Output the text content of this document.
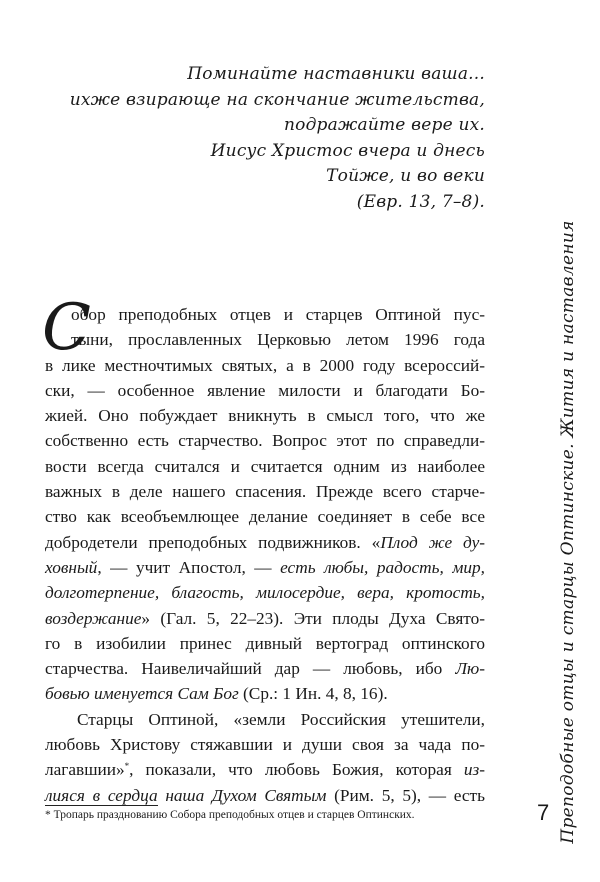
Поминайте наставники ваша...
ихже взирающе на скончание жительства,
подражайте вере их.
Иисус Христос вчера и днесь
Тойже, и во веки
(Евр. 13, 7–8).
С
обор преподобных отцев и старцев Оптиной пус-
тыни, прославленных Церковью летом 1996 года
в лике местночтимых святых, а в 2000 году всероссий-
ски, — особенное явление милости и благодати Бо-
жией. Оно побуждает вникнуть в смысл того, что же
собственно есть старчество. Вопрос этот по справедли-
вости всегда считался и считается одним из наиболее
важных в деле нашего спасения. Прежде всего старче-
ство как всеобъемлющее делание соединяет в себе все
добродетели преподобных подвижников. «Плод же ду-
ховный, — учит Апостол, — есть любы, радость, мир,
долготерпение, благость, милосердие, вера, кротость,
воздержание» (Гал. 5, 22–23). Эти плоды Духа Свято-
го в изобилии принес дивный вертоград оптинского
старчества. Наивеличайший дар — любовь, ибо Лю-
бовью именуется Сам Бог (Ср.: 1 Ин. 4, 8, 16).
Старцы Оптиной, «земли Российския утешители,
любовь Христову стяжавшии и души своя за чада по-
лагавшии»*, показали, что любовь Божия, которая из-
лияся в сердца наша Духом Святым (Рим. 5, 5), — есть
* Тропарь празднованию Собора преподобных отцев и старцев Оптинских.	Преподобные отцы и старцы Оптинские. Жития и наставления
7
